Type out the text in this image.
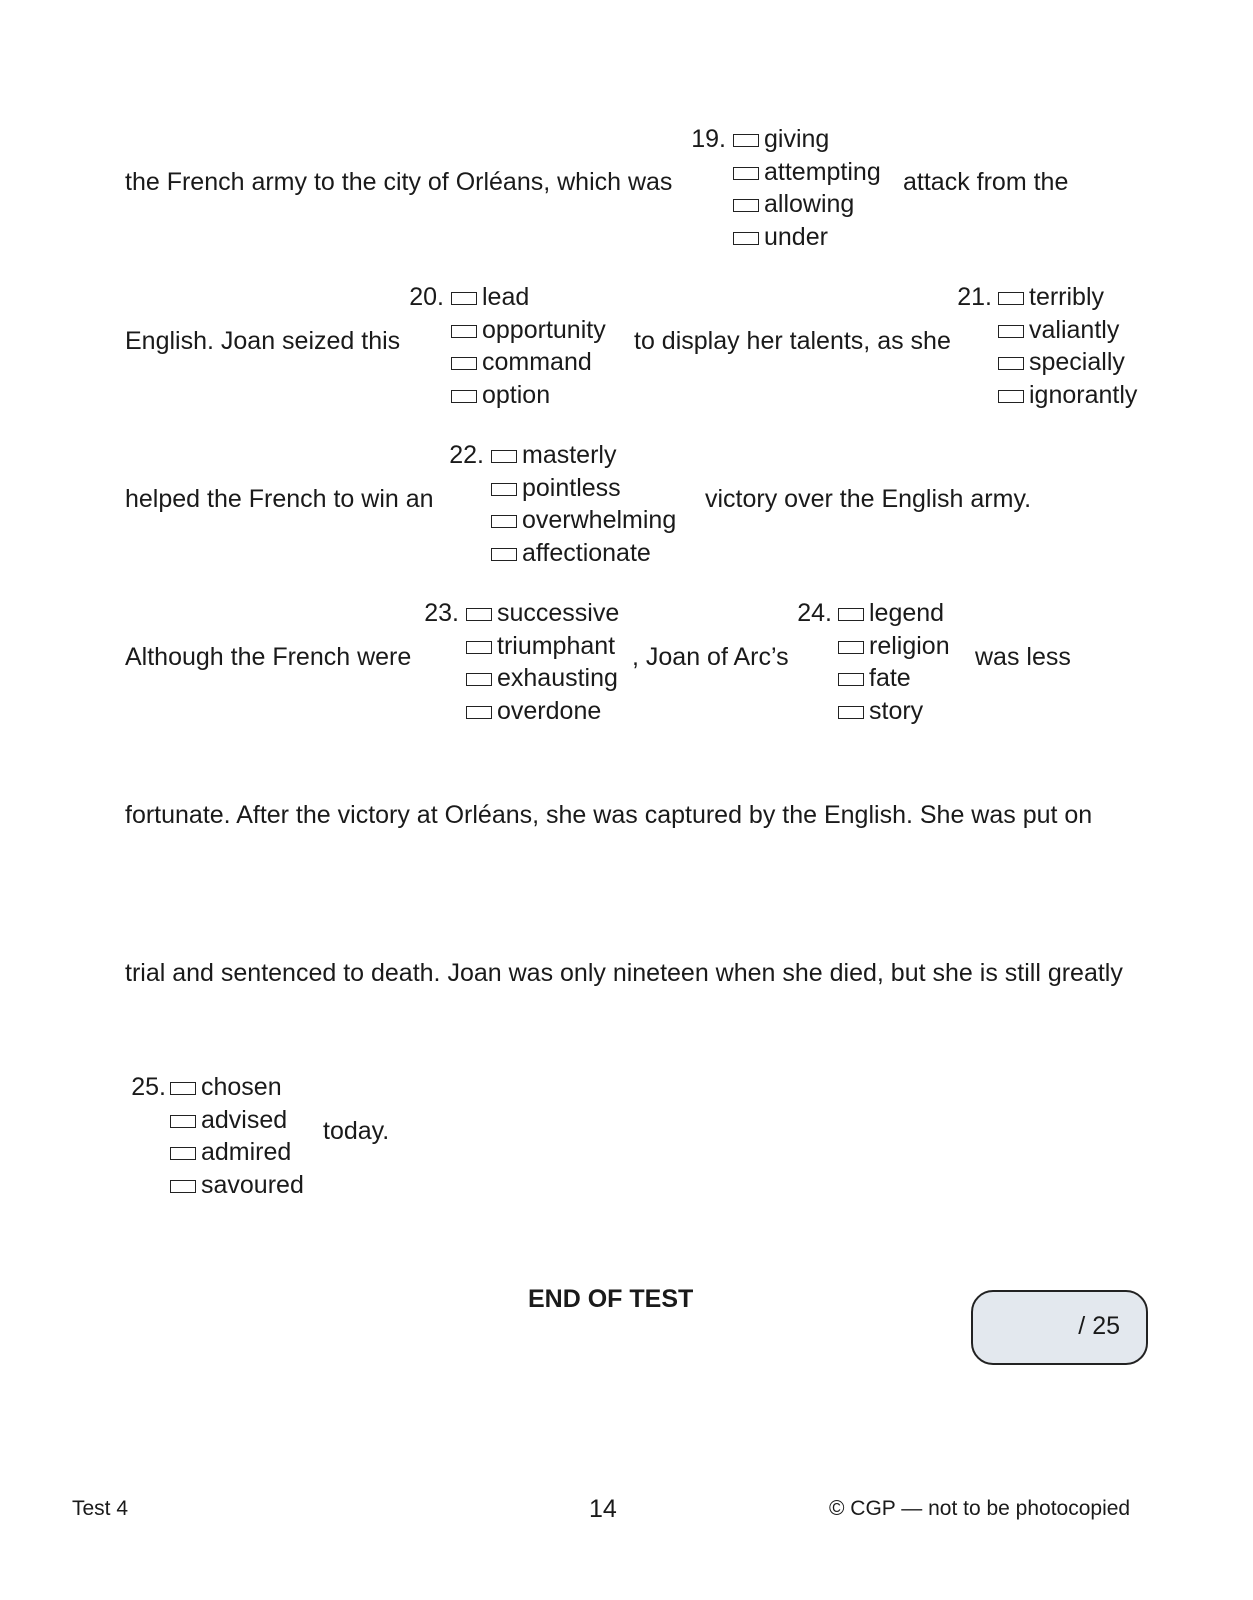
the French army to the city of Orléans, which was
19. giving
attempting
allowing
under
attack from the
English. Joan seized this
20. lead
opportunity
command
option
to display her talents, as she
21. terribly
valiantly
specially
ignorantly
helped the French to win an
22. masterly
pointless
overwhelming
affectionate
victory over the English army.
Although the French were
23. successive
triumphant
exhausting
overdone
, Joan of Arc’s
24. legend
religion
fate
story
was less
fortunate. After the victory at Orléans, she was captured by the English. She was put on
trial and sentenced to death. Joan was only nineteen when she died, but she is still greatly
25. chosen
advised
admired
savoured
today.
END OF TEST
/ 25
Test 4	14	© CGP — not to be photocopied
